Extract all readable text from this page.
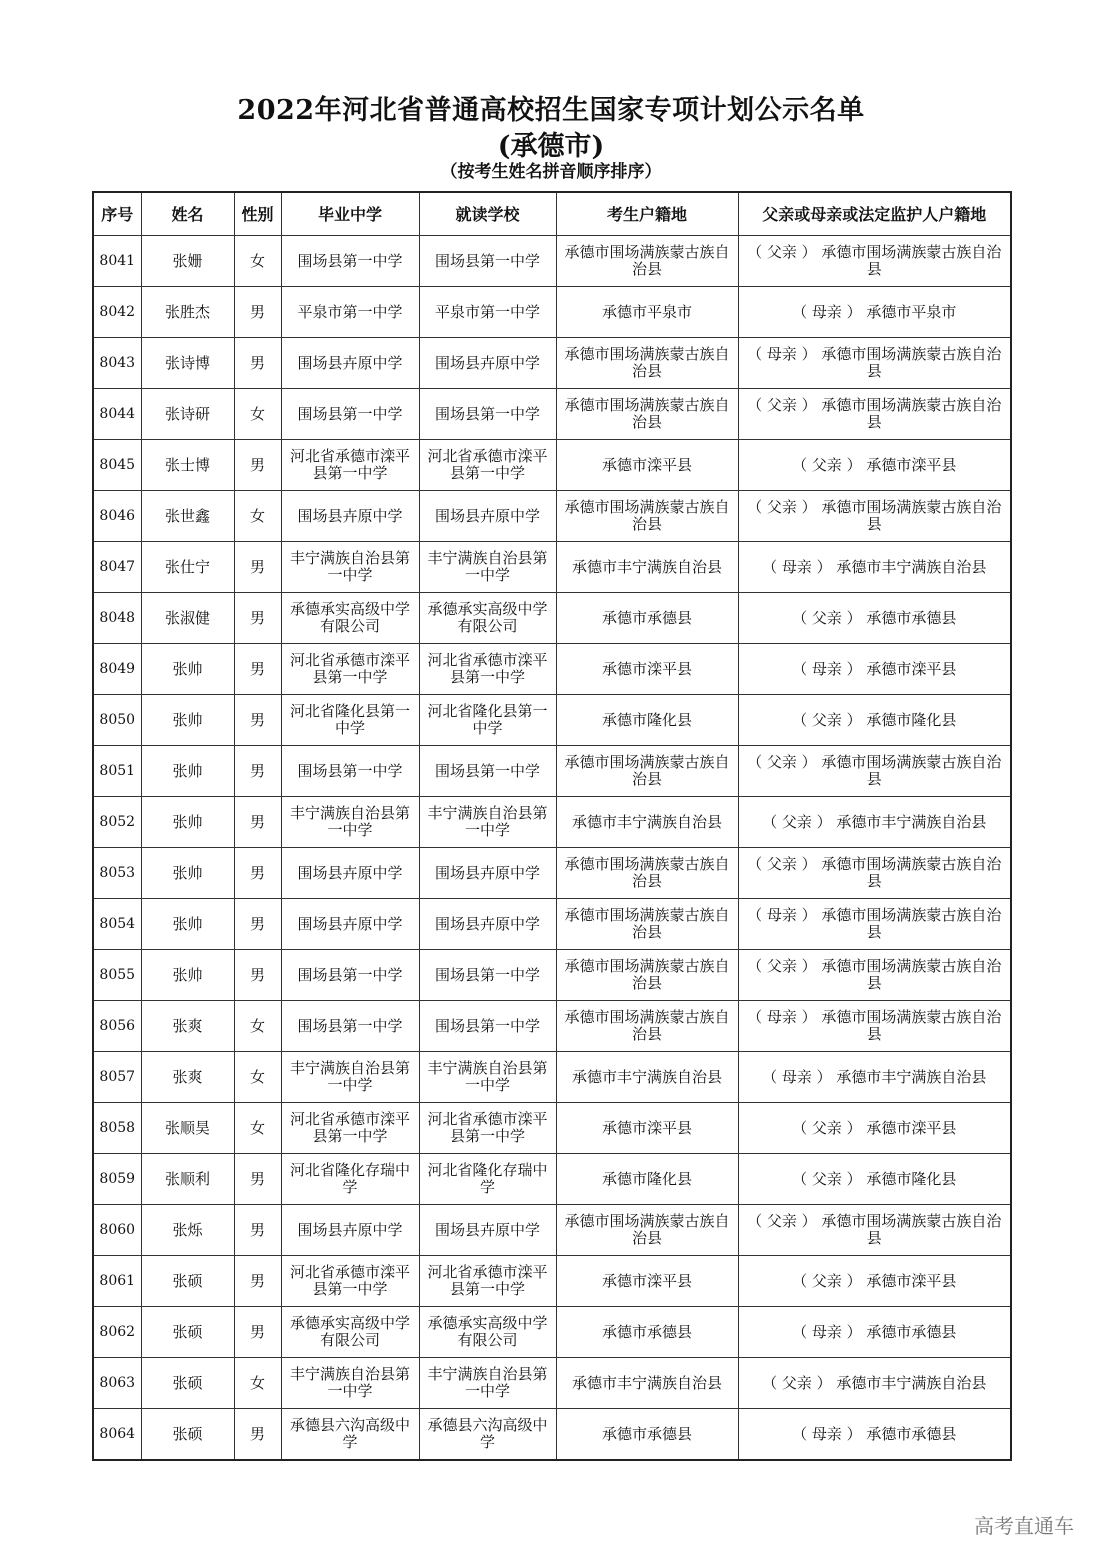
2022年河北省普通高校招生国家专项计划公示名单
(承德市)
（按考生姓名拼音顺序排序）
序号	姓名	性别	毕业中学	就读学校	考生户籍地	父亲或母亲或法定监护人户籍地
8041	张姗	女	围场县第一中学	围场县第一中学	承德市围场满族蒙古族自治县	（ 父亲 ） 承德市围场满族蒙古族自治县
8042	张胜杰	男	平泉市第一中学	平泉市第一中学	承德市平泉市	（ 母亲 ） 承德市平泉市
8043	张诗博	男	围场县卉原中学	围场县卉原中学	承德市围场满族蒙古族自治县	（ 母亲 ） 承德市围场满族蒙古族自治县
8044	张诗研	女	围场县第一中学	围场县第一中学	承德市围场满族蒙古族自治县	（ 父亲 ） 承德市围场满族蒙古族自治县
8045	张士博	男	河北省承德市滦平县第一中学	河北省承德市滦平县第一中学	承德市滦平县	（ 父亲 ） 承德市滦平县
8046	张世鑫	女	围场县卉原中学	围场县卉原中学	承德市围场满族蒙古族自治县	（ 父亲 ） 承德市围场满族蒙古族自治县
8047	张仕宁	男	丰宁满族自治县第一中学	丰宁满族自治县第一中学	承德市丰宁满族自治县	（ 母亲 ） 承德市丰宁满族自治县
8048	张淑健	男	承德承实高级中学有限公司	承德承实高级中学有限公司	承德市承德县	（ 父亲 ） 承德市承德县
8049	张帅	男	河北省承德市滦平县第一中学	河北省承德市滦平县第一中学	承德市滦平县	（ 母亲 ） 承德市滦平县
8050	张帅	男	河北省隆化县第一中学	河北省隆化县第一中学	承德市隆化县	（ 父亲 ） 承德市隆化县
8051	张帅	男	围场县第一中学	围场县第一中学	承德市围场满族蒙古族自治县	（ 父亲 ） 承德市围场满族蒙古族自治县
8052	张帅	男	丰宁满族自治县第一中学	丰宁满族自治县第一中学	承德市丰宁满族自治县	（ 父亲 ） 承德市丰宁满族自治县
8053	张帅	男	围场县卉原中学	围场县卉原中学	承德市围场满族蒙古族自治县	（ 父亲 ） 承德市围场满族蒙古族自治县
8054	张帅	男	围场县卉原中学	围场县卉原中学	承德市围场满族蒙古族自治县	（ 母亲 ） 承德市围场满族蒙古族自治县
8055	张帅	男	围场县第一中学	围场县第一中学	承德市围场满族蒙古族自治县	（ 父亲 ） 承德市围场满族蒙古族自治县
8056	张爽	女	围场县第一中学	围场县第一中学	承德市围场满族蒙古族自治县	（ 母亲 ） 承德市围场满族蒙古族自治县
8057	张爽	女	丰宁满族自治县第一中学	丰宁满族自治县第一中学	承德市丰宁满族自治县	（ 母亲 ） 承德市丰宁满族自治县
8058	张顺昊	女	河北省承德市滦平县第一中学	河北省承德市滦平县第一中学	承德市滦平县	（ 父亲 ） 承德市滦平县
8059	张顺利	男	河北省隆化存瑞中学	河北省隆化存瑞中学	承德市隆化县	（ 父亲 ） 承德市隆化县
8060	张烁	男	围场县卉原中学	围场县卉原中学	承德市围场满族蒙古族自治县	（ 父亲 ） 承德市围场满族蒙古族自治县
8061	张硕	男	河北省承德市滦平县第一中学	河北省承德市滦平县第一中学	承德市滦平县	（ 父亲 ） 承德市滦平县
8062	张硕	男	承德承实高级中学有限公司	承德承实高级中学有限公司	承德市承德县	（ 母亲 ） 承德市承德县
8063	张硕	女	丰宁满族自治县第一中学	丰宁满族自治县第一中学	承德市丰宁满族自治县	（ 父亲 ） 承德市丰宁满族自治县
8064	张硕	男	承德县六沟高级中学	承德县六沟高级中学	承德市承德县	（ 母亲 ） 承德市承德县
高考直通车
